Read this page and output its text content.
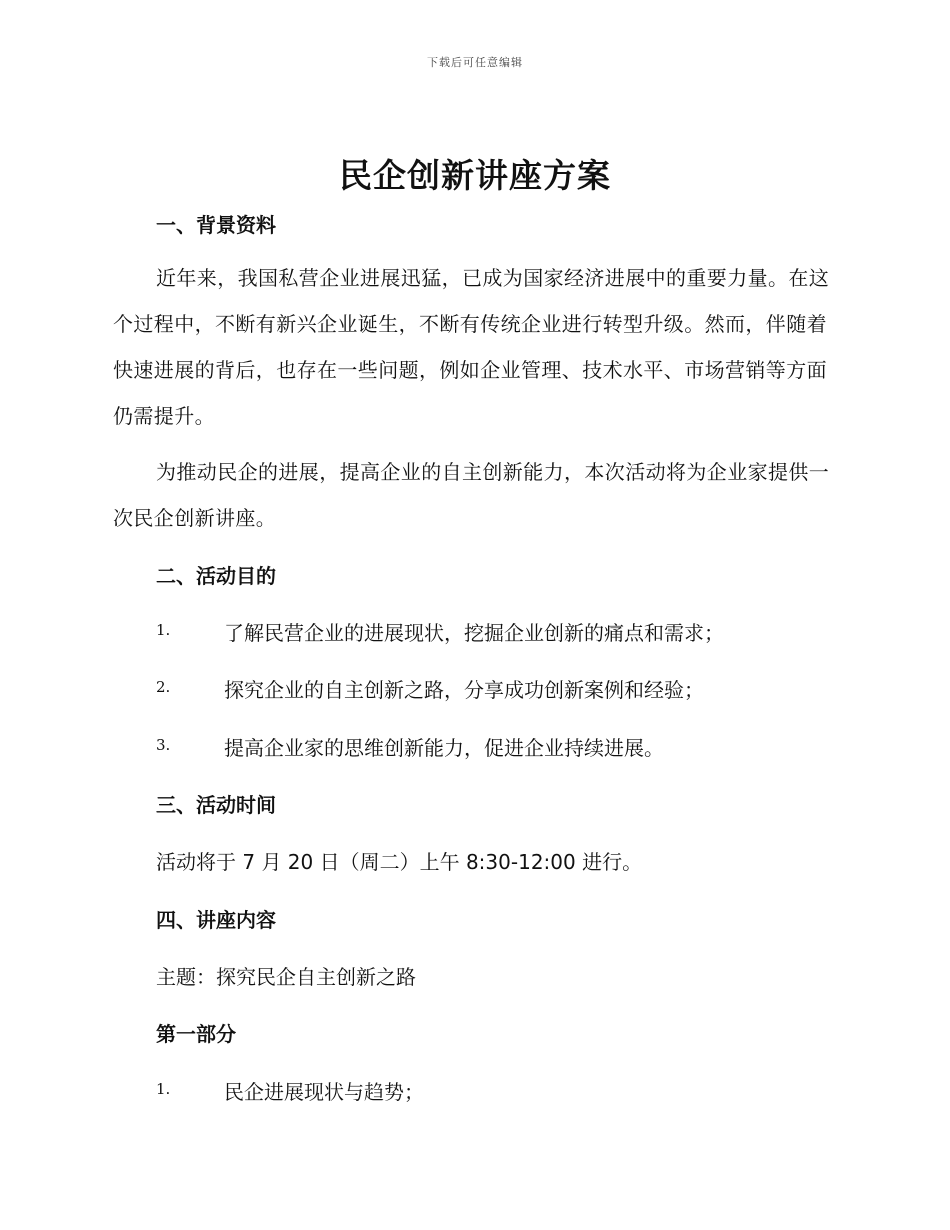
下载后可任意编辑
民企创新讲座方案
一、背景资料
近年来，我国私营企业进展迅猛，已成为国家经济进展中的重要力量。在这个过程中，不断有新兴企业诞生，不断有传统企业进行转型升级。然而，伴随着快速进展的背后，也存在一些问题，例如企业管理、技术水平、市场营销等方面仍需提升。
为推动民企的进展，提高企业的自主创新能力，本次活动将为企业家提供一次民企创新讲座。
二、活动目的
1.	了解民营企业的进展现状，挖掘企业创新的痛点和需求；
2.	探究企业的自主创新之路，分享成功创新案例和经验；
3.	提高企业家的思维创新能力，促进企业持续进展。
三、活动时间
活动将于 7 月 20 日（周二）上午 8:30-12:00 进行。
四、讲座内容
主题：探究民企自主创新之路
第一部分
1.	民企进展现状与趋势；
